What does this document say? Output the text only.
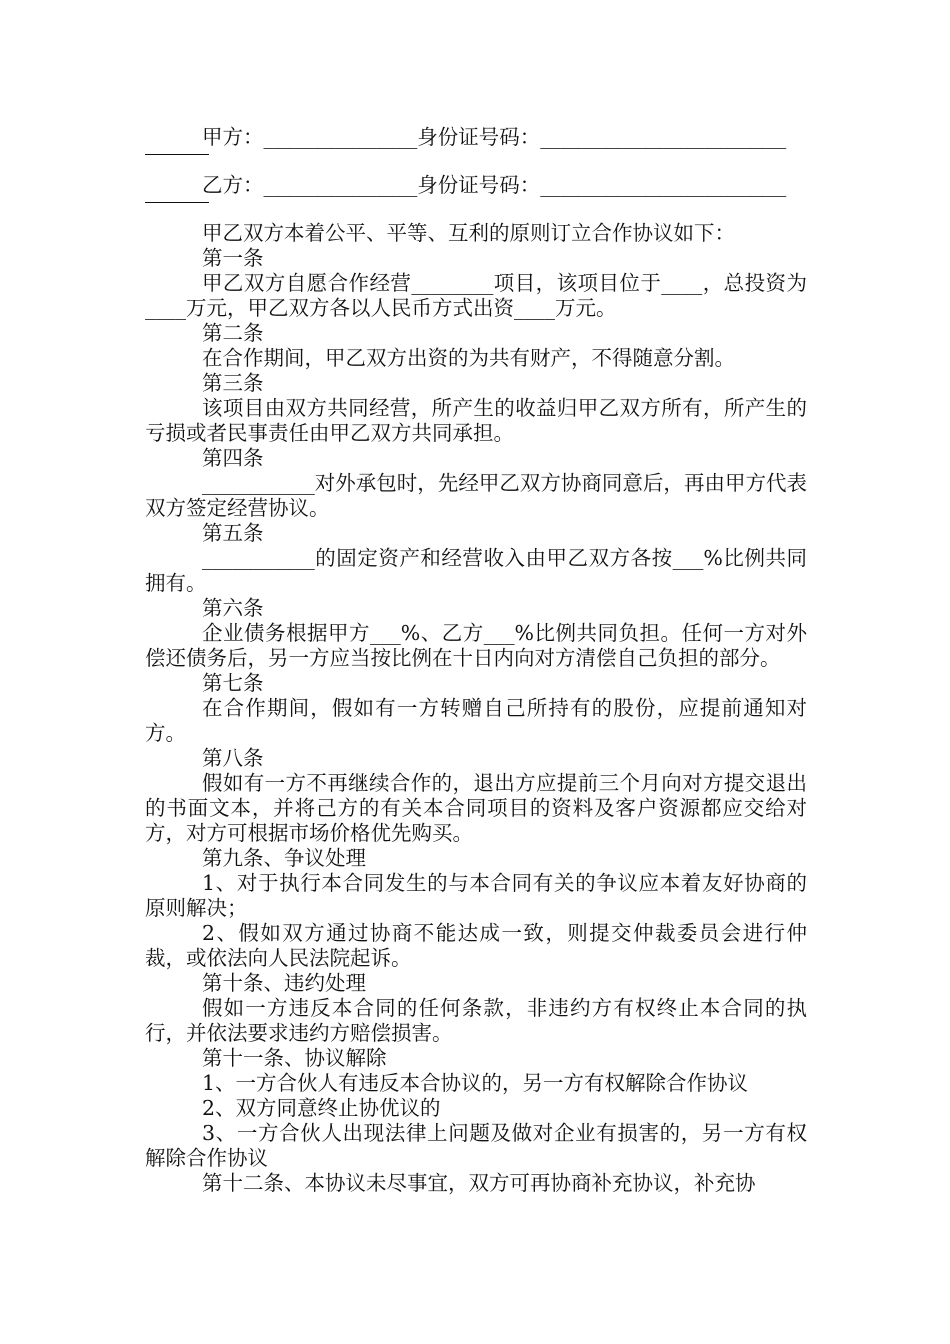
甲方：_______________身份证号码：________________________
乙方：_______________身份证号码：________________________

甲乙双方本着公平、平等、互利的原则订立合作协议如下：

第一条

甲乙双方自愿合作经营________项目，该项目位于____，总投资为____万元，甲乙双方各以人民币方式出资____万元。

第二条

在合作期间，甲乙双方出资的为共有财产，不得随意分割。

第三条

该项目由双方共同经营，所产生的收益归甲乙双方所有，所产生的亏损或者民事责任由甲乙双方共同承担。

第四条

___________对外承包时，先经甲乙双方协商同意后，再由甲方代表双方签定经营协议。

第五条

___________的固定资产和经营收入由甲乙双方各按___%比例共同拥有。

第六条

企业债务根据甲方___%、乙方___%比例共同负担。任何一方对外偿还债务后，另一方应当按比例在十日内向对方清偿自己负担的部分。

第七条

在合作期间，假如有一方转赠自己所持有的股份，应提前通知对方。

第八条

假如有一方不再继续合作的，退出方应提前三个月向对方提交退出的书面文本，并将己方的有关本合同项目的资料及客户资源都应交给对方，对方可根据市场价格优先购买。

第九条、争议处理

1、对于执行本合同发生的与本合同有关的争议应本着友好协商的原则解决；

2、假如双方通过协商不能达成一致，则提交仲裁委员会进行仲裁，或依法向人民法院起诉。

第十条、违约处理

假如一方违反本合同的任何条款，非违约方有权终止本合同的执行，并依法要求违约方赔偿损害。

第十一条、协议解除

1、一方合伙人有违反本合协议的，另一方有权解除合作协议

2、双方同意终止协优议的

3、一方合伙人出现法律上问题及做对企业有损害的，另一方有权解除合作协议

第十二条、本协议未尽事宜，双方可再协商补充协议，补充协
